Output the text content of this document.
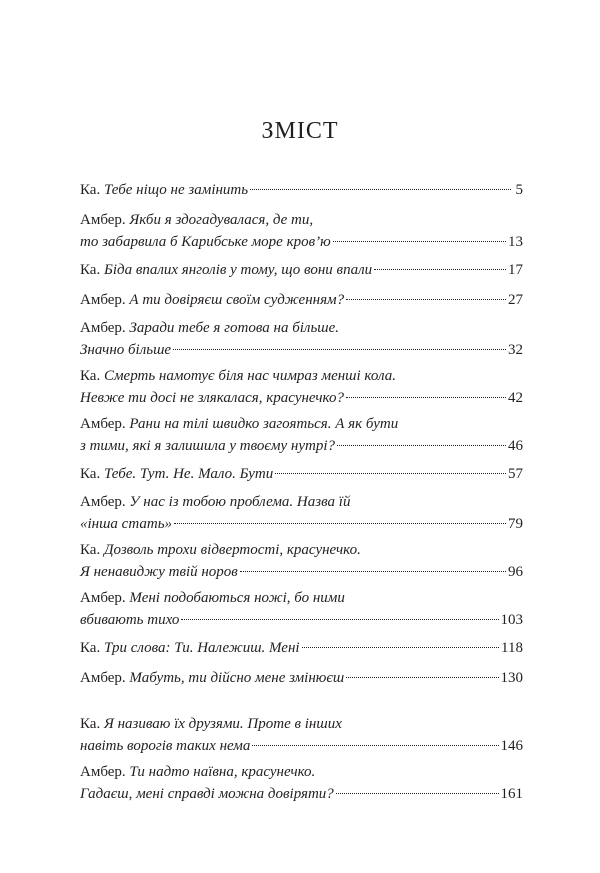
ЗМІСТ
Ка.
Тебе ніщо не замінить	5
Амбер.
Якби я здогадувалася, де ти,
то забарвила б Карибське море кров’ю	13
Ка.
Біда впалих янголів у тому, що вони впали	17
Амбер.
А ти довіряєш своїм судженням?	27
Амбер.
Заради тебе я готова на більше.
Значно більше	32
Ка.
Смерть намотує біля нас чимраз менші кола.
Невже ти досі не злякалася, красунечко?	42
Амбер.
Рани на тілі швидко загояться. А як бути
з тими, які я залишила у твоєму нутрі?	46
Ка.
Тебе. Тут. Не. Мало. Бути	57
Амбер.
У нас із тобою проблема. Назва їй
«інша стать»	79
Ка.
Дозволь трохи відвертості, красунечко.
Я ненавиджу твій норов	96
Амбер.
Мені подобаються ножі, бо ними
вбивають тихо	103
Ка.
Три слова: Ти. Належиш. Мені	118
Амбер.
Мабуть, ти дійсно мене змінюєш	130
Ка.
Я називаю їх друзями. Проте в інших
навіть ворогів таких нема	146
Амбер.
Ти надто наївна, красунечко.
Гадаєш, мені справді можна довіряти?	161
